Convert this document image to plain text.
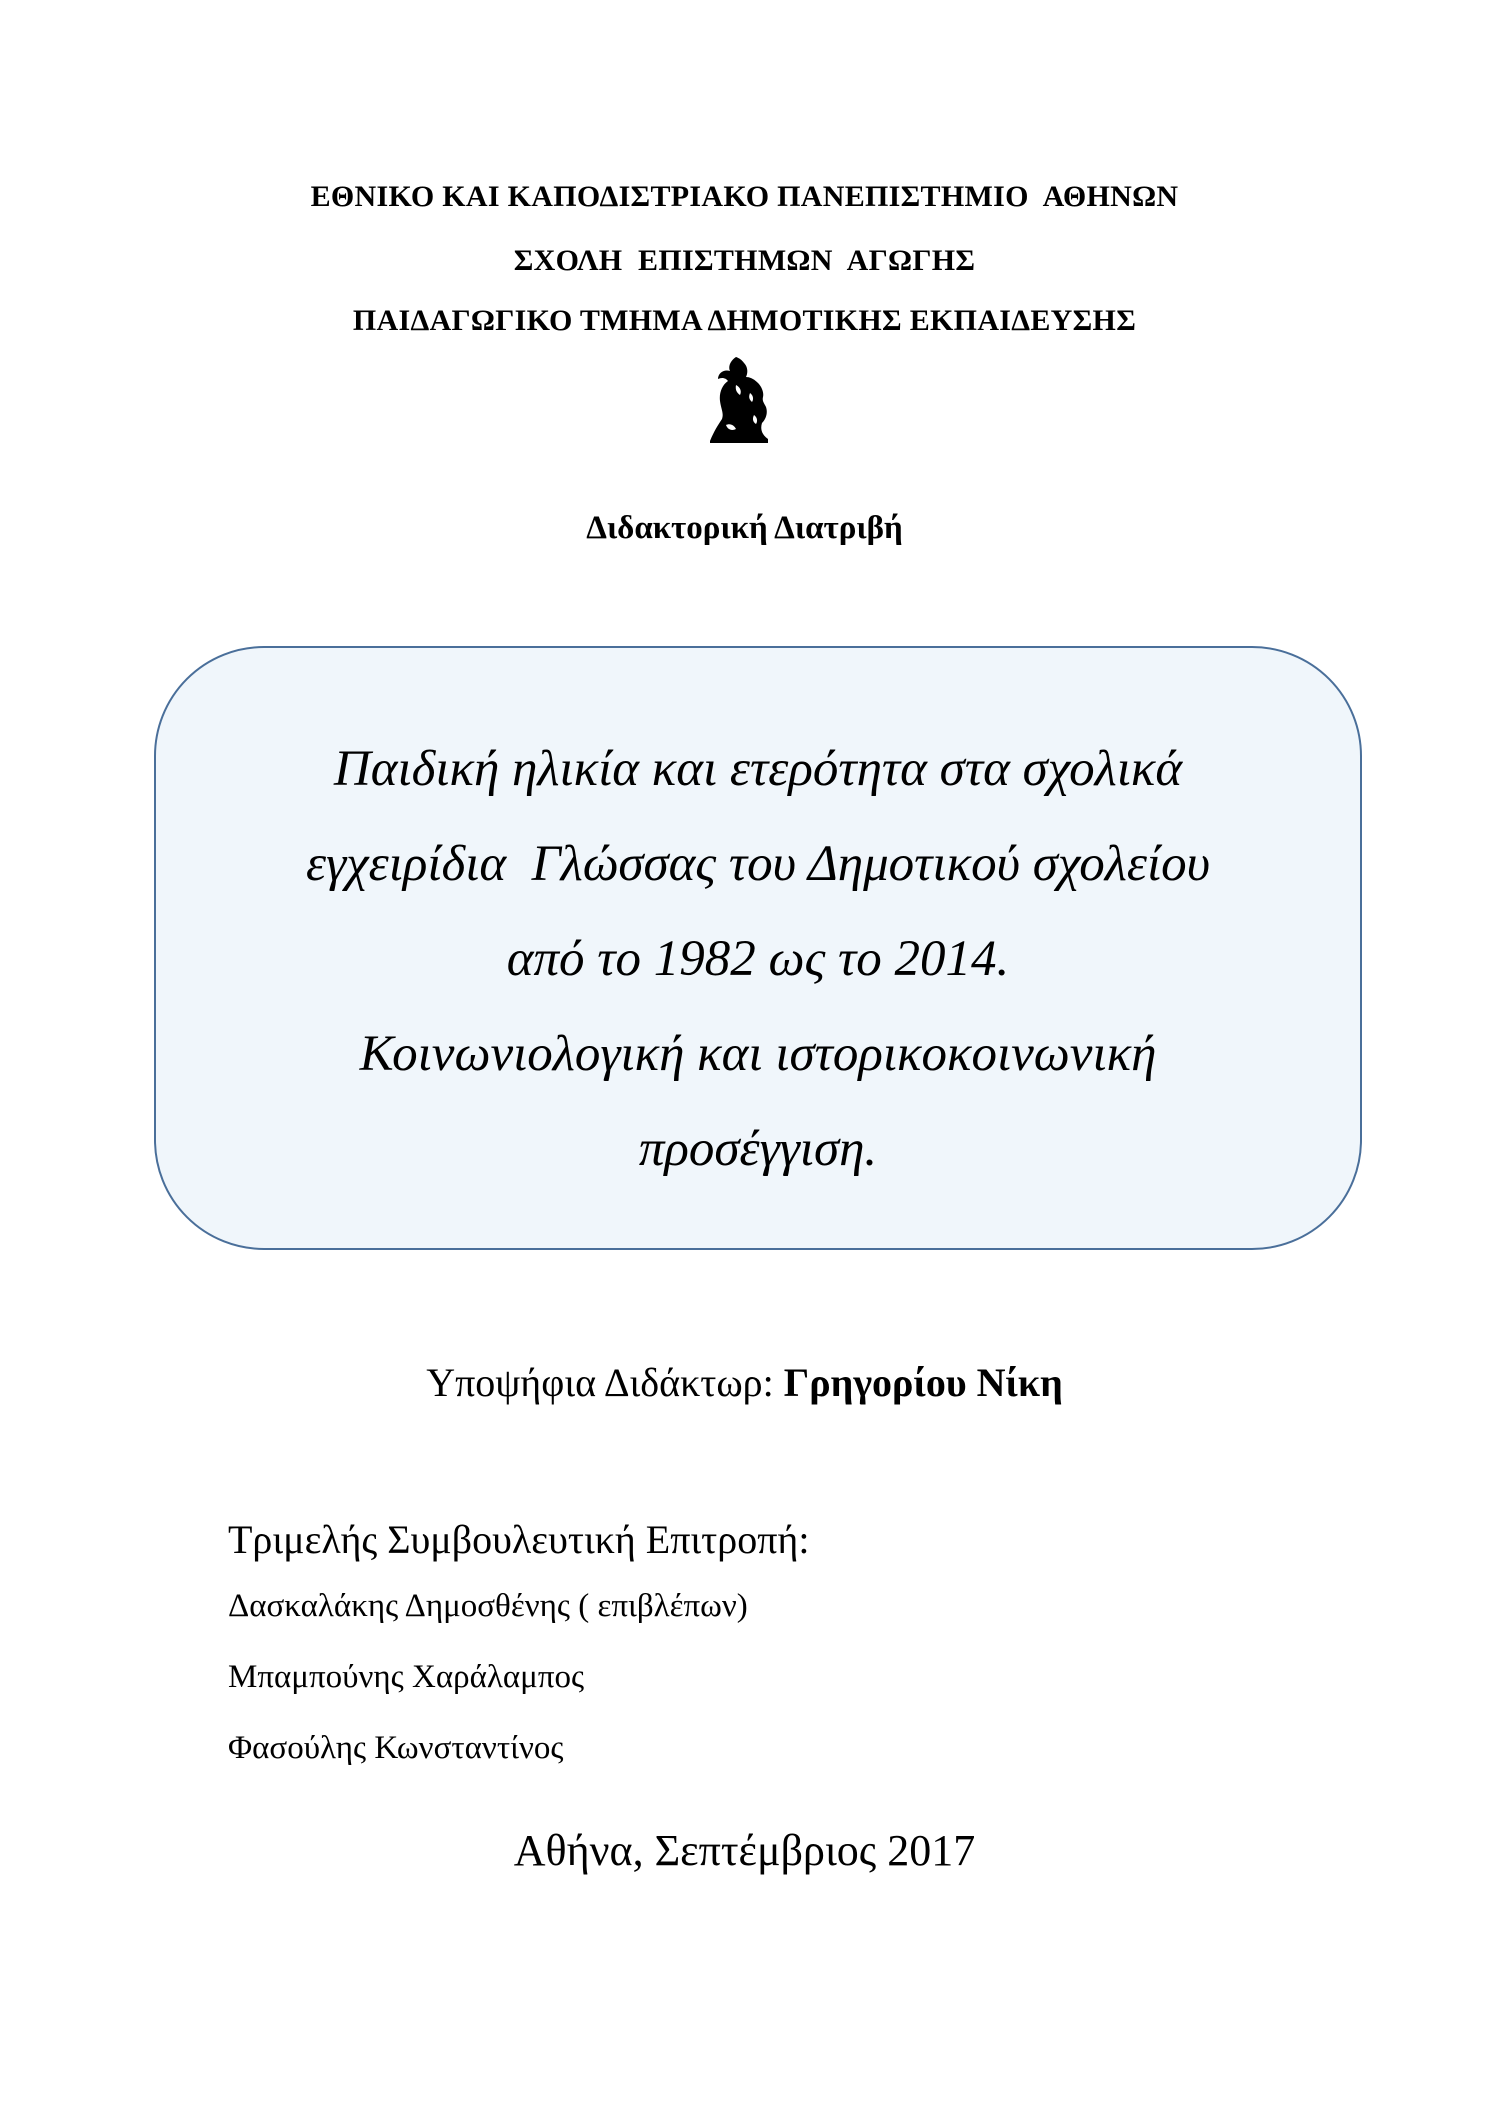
ΕΘΝΙΚΟ ΚΑΙ ΚΑΠΟΔΙΣΤΡΙΑΚΟ ΠΑΝΕΠΙΣΤΗΜΙΟ  ΑΘΗΝΩΝ
ΣΧΟΛΗ  ΕΠΙΣΤΗΜΩΝ  ΑΓΩΓΗΣ
ΠΑΙΔΑΓΩΓΙΚΟ ΤΜΗΜΑ ΔΗΜΟΤΙΚΗΣ ΕΚΠΑΙΔΕΥΣΗΣ
Διδακτορική Διατριβή
Παιδική ηλικία και ετερότητα στα σχολικά
εγχειρίδια  Γλώσσας του Δημοτικού σχολείου
από το 1982 ως το 2014.
Κοινωνιολογική και ιστορικοκοινωνική
προσέγγιση.
Υποψήφια Διδάκτωρ: Γρηγορίου Νίκη
Τριμελής Συμβουλευτική Επιτροπή:
Δασκαλάκης Δημοσθένης ( επιβλέπων)
Μπαμπούνης Χαράλαμπος
Φασούλης Κωνσταντίνος
Αθήνα, Σεπτέμβριος 2017
